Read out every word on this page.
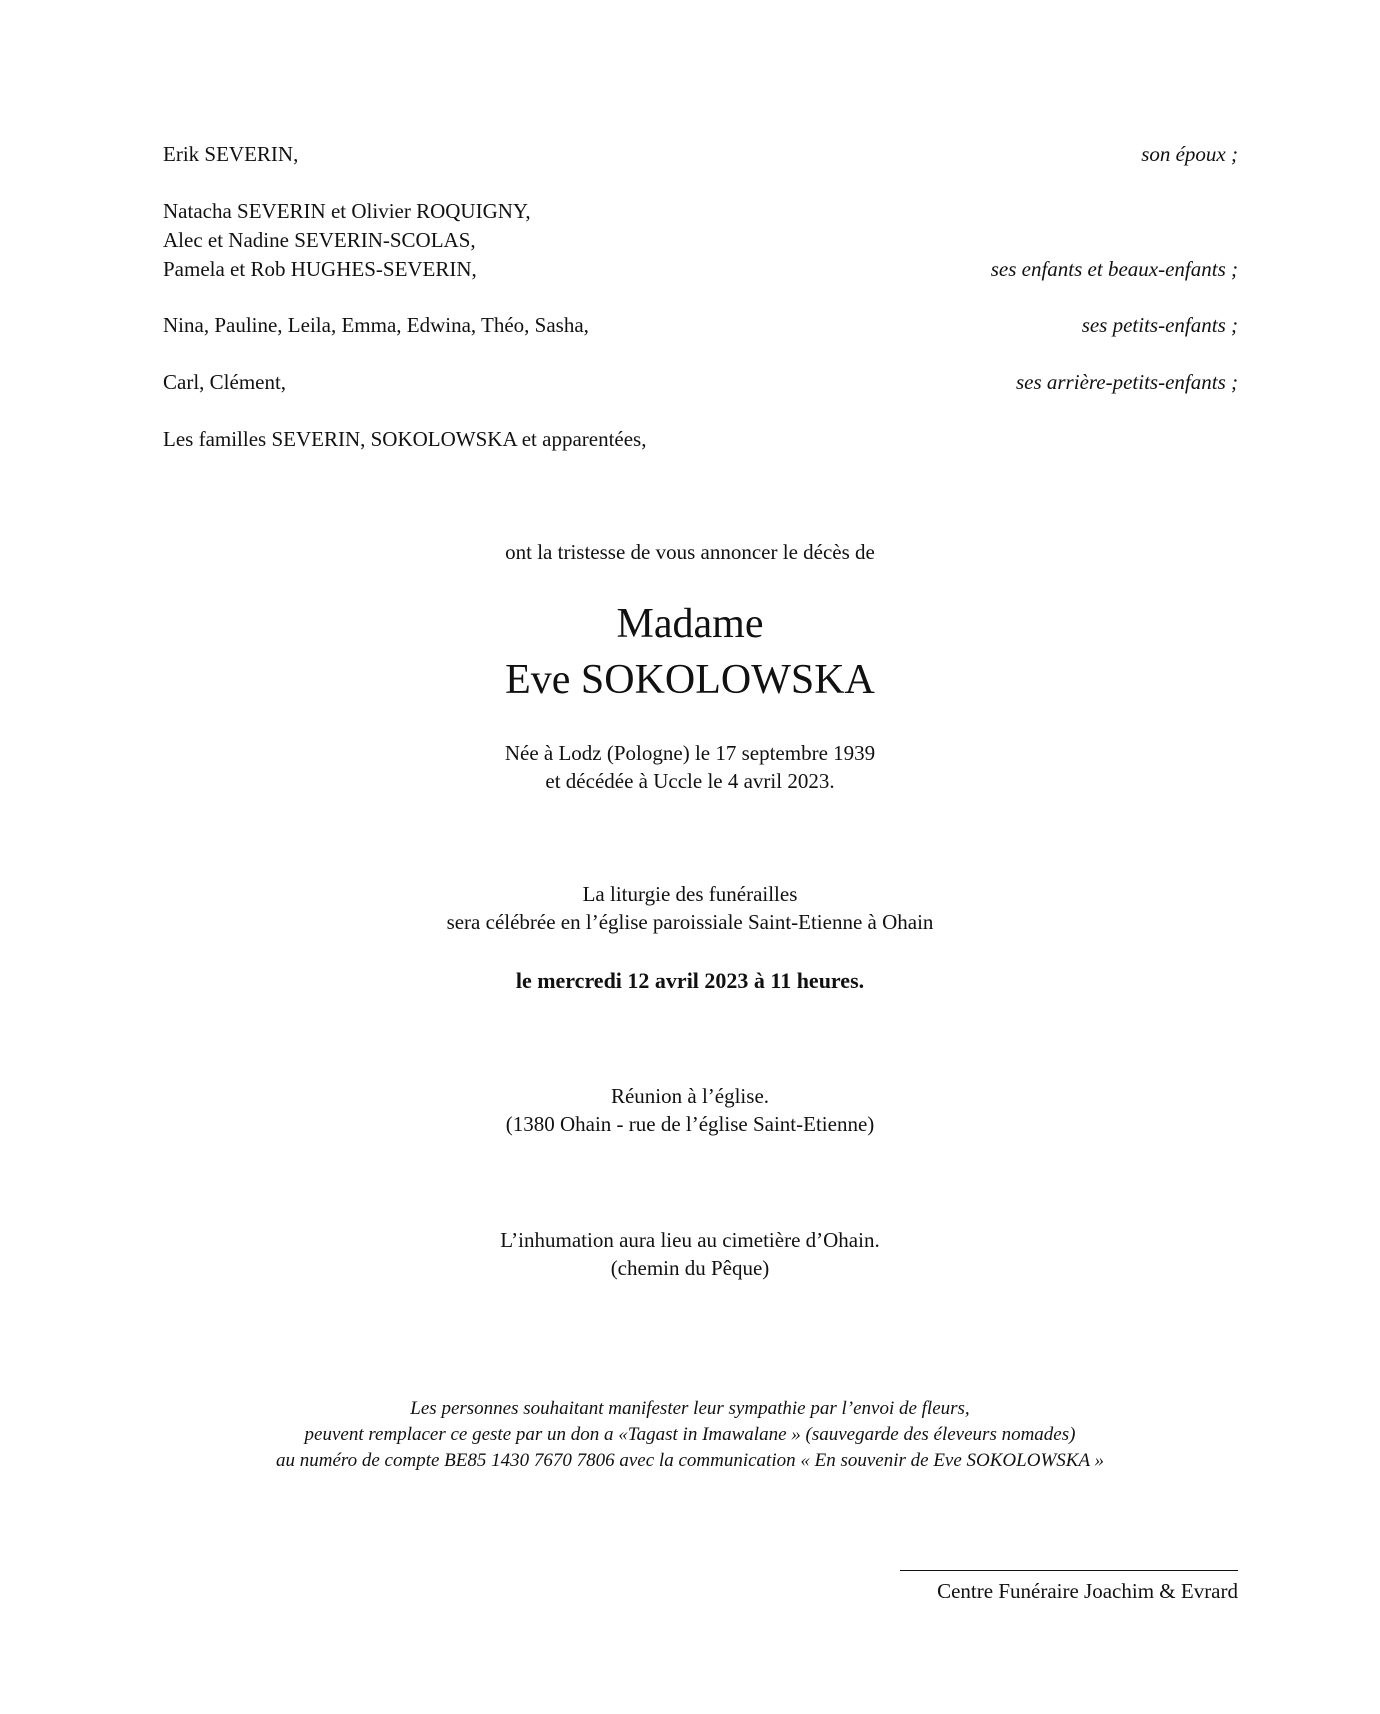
Erik SEVERIN,	son époux ;
Natacha SEVERIN et Olivier ROQUIGNY,
Alec et Nadine SEVERIN-SCOLAS,
Pamela et Rob HUGHES-SEVERIN,	ses enfants et beaux-enfants ;
Nina, Pauline, Leila, Emma, Edwina, Théo, Sasha,	ses petits-enfants ;
Carl, Clément,	ses arrière-petits-enfants ;
Les familles SEVERIN, SOKOLOWSKA et apparentées,
ont la tristesse de vous annoncer le décès de
Madame
Eve SOKOLOWSKA
Née à Lodz (Pologne) le 17 septembre 1939
et décédée à Uccle le 4 avril 2023.
La liturgie des funérailles
sera célébrée en l’église paroissiale Saint-Etienne à Ohain
le mercredi 12 avril 2023 à 11 heures.
Réunion à l’église.
(1380 Ohain - rue de l’église Saint-Etienne)
L’inhumation aura lieu au cimetière d’Ohain.
(chemin du Pêque)
Les personnes souhaitant manifester leur sympathie par l’envoi de fleurs,
peuvent remplacer ce geste par un don a «Tagast in Imawalane » (sauvegarde des éleveurs nomades)
au numéro de compte BE85 1430 7670 7806 avec la communication « En souvenir de Eve SOKOLOWSKA »
Centre Funéraire Joachim & Evrard
